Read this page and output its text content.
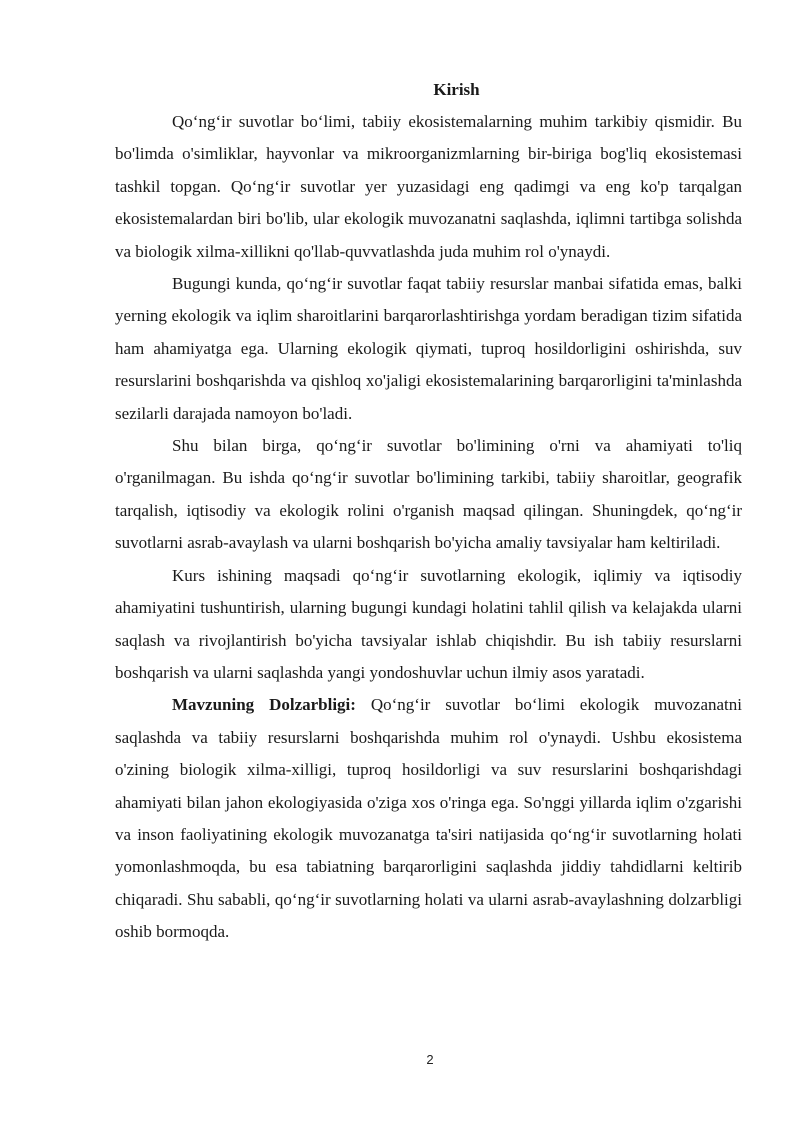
Kirish

Qo‘ng‘ir suvotlar bo‘limi, tabiiy ekosistemalarning muhim tarkibiy qismidir. Bu bo'limda o'simliklar, hayvonlar va mikroorganizmlarning bir-biriga bog'liq ekosistemasi tashkil topgan. Qo‘ng‘ir suvotlar yer yuzasidagi eng qadimgi va eng ko'p tarqalgan ekosistemalardan biri bo'lib, ular ekologik muvozanatni saqlashda, iqlimni tartibga solishda va biologik xilma-xillikni qo'llab-quvvatlashda juda muhim rol o'ynaydi.

Bugungi kunda, qo‘ng‘ir suvotlar faqat tabiiy resurslar manbai sifatida emas, balki yerning ekologik va iqlim sharoitlarini barqarorlashtirishga yordam beradigan tizim sifatida ham ahamiyatga ega. Ularning ekologik qiymati, tuproq hosildorligini oshirishda, suv resurslarini boshqarishda va qishloq xo'jaligi ekosistemalarining barqarorligini ta'minlashda sezilarli darajada namoyon bo'ladi.

Shu bilan birga, qo‘ng‘ir suvotlar bo'limining o'rni va ahamiyati to'liq o'rganilmagan. Bu ishda qo‘ng‘ir suvotlar bo'limining tarkibi, tabiiy sharoitlar, geografik tarqalish, iqtisodiy va ekologik rolini o'rganish maqsad qilingan. Shuningdek, qo‘ng‘ir suvotlarni asrab-avaylash va ularni boshqarish bo'yicha amaliy tavsiyalar ham keltiriladi.

Kurs ishining maqsadi qo‘ng‘ir suvotlarning ekologik, iqlimiy va iqtisodiy ahamiyatini tushuntirish, ularning bugungi kundagi holatini tahlil qilish va kelajakda ularni saqlash va rivojlantirish bo'yicha tavsiyalar ishlab chiqishdir. Bu ish tabiiy resurslarni boshqarish va ularni saqlashda yangi yondoshuvlar uchun ilmiy asos yaratadi.

Mavzuning Dolzarbligi: Qo‘ng‘ir suvotlar bo‘limi ekologik muvozanatni saqlashda va tabiiy resurslarni boshqarishda muhim rol o'ynaydi. Ushbu ekosistema o'zining biologik xilma-xilligi, tuproq hosildorligi va suv resurslarini boshqarishdagi ahamiyati bilan jahon ekologiyasida o'ziga xos o'ringa ega. So'nggi yillarda iqlim o'zgarishi va inson faoliyatining ekologik muvozanatga ta'siri natijasida qo‘ng‘ir suvotlarning holati yomonlashmoqda, bu esa tabiatning barqarorligini saqlashda jiddiy tahdidlarni keltirib chiqaradi. Shu sababli, qo‘ng‘ir suvotlarning holati va ularni asrab-avaylashning dolzarbligi oshib bormoqda.

2
